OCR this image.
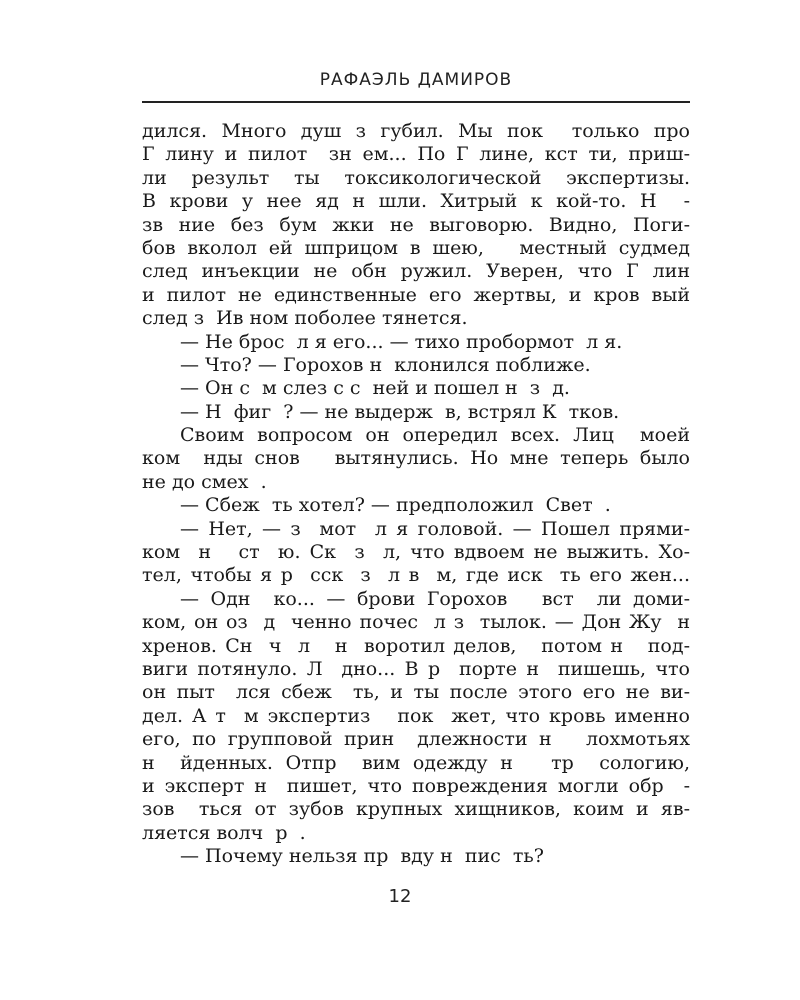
РАФАЭЛЬ ДАМИРОВ
дился. Много душ з губил. Мы пок  только про
Г лину и пилот  зн ем... По Г лине, кст ти, приш-
ли результ ты токсикологической экспертизы.
В крови у нее яд н шли. Хитрый к кой-то. Н  -
зв ние без бум жки не выговорю. Видно, Поги-
бов вколол ей шприцом в шею,   местный судмед
след инъекции не обн ружил. Уверен, что Г лин
и пилот не единственные его жертвы, и кров вый
след з  Ив ном поболее тянется.
— Не брос  л я его... — тихо пробормот  л я.
— Что? — Горохов н  клонился поближе.
— Он с  м слез с с  ней и пошел н  з  д.
— Н  фиг  ? — не выдерж  в, встрял К  тков.
Своим вопросом он опередил всех. Лиц  моей
ком  нды снов   вытянулись. Но мне теперь было
не до смех  .
— Сбеж  ть хотел? — предположил  Свет  .
— Нет, — з  мот  л я головой. — Пошел прями-
ком  н   ст  ю. Ск  з  л, что вдвоем не выжить. Хо-
тел, чтобы я р  сск  з  л в  м, где иск  ть его жен...
— Одн  ко... — брови Горохов   вст  ли доми-
ком, он оз  д  ченно почес  л з  тылок. — Дон Жу  н
хренов. Сн  ч  л   н  воротил делов,   потом н   под-
виги потянуло. Л  дно... В р  порте н  пишешь, что
он пыт  лся сбеж  ть, и ты после этого его не ви-
дел. А т  м экспертиз   пок  жет, что кровь именно
его, по групповой прин  длежности н   лохмотьях
н  йденных. Отпр  вим одежду н   тр  сологию,
и эксперт н  пишет, что повреждения могли обр  -
зов  ться от зубов крупных хищников, коим и яв-
ляется волч  р  .
— Почему нельзя пр  вду н  пис  ть?
12
